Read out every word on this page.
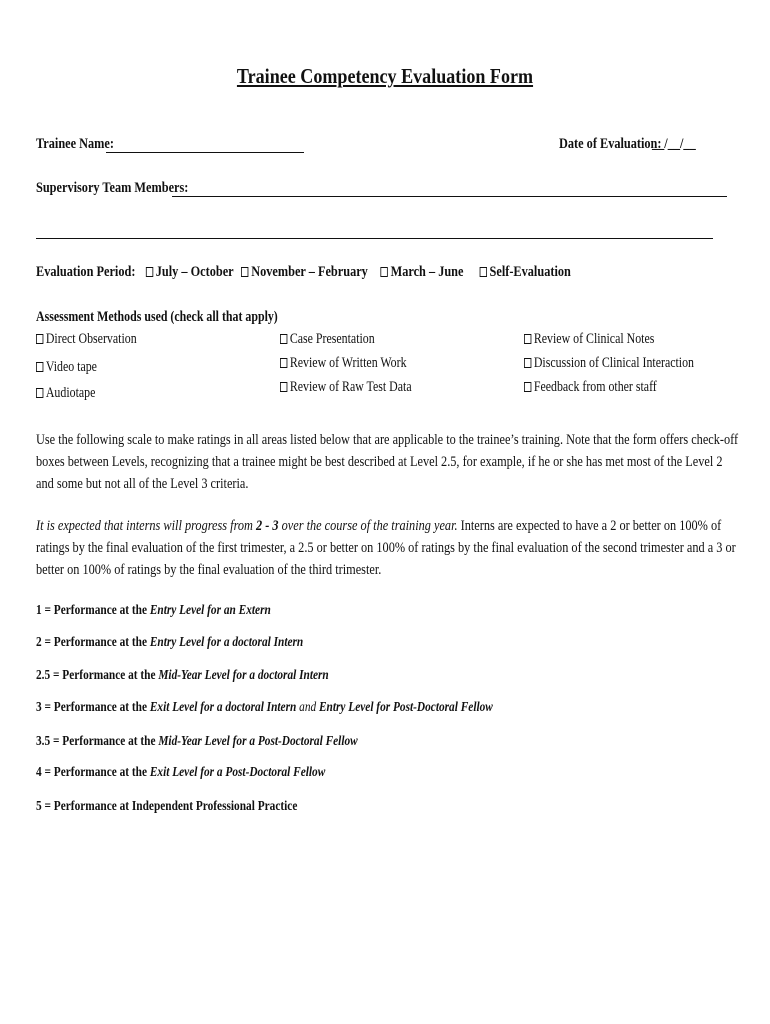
Trainee Competency Evaluation Form
Trainee Name:	Date of Evaluation:
__/__/__
Supervisory Team Members:
Evaluation Period: July – October November – February March – June Self-Evaluation
Assessment Methods used (check all that apply)
Direct Observation
Video tape
Audiotape
Case Presentation
Review of Written Work
Review of Raw Test Data
Review of Clinical Notes
Discussion of Clinical Interaction
Feedback from other staff

Use the following scale to make ratings in all areas listed below that are applicable to the trainee’s training. Note that the form offers check-off boxes between Levels, recognizing that a trainee might be best described at Level 2.5, for example, if he or she has met most of the Level 2 and some but not all of the Level 3 criteria.

It is expected that interns will progress from 2 - 3 over the course of the training year. Interns are expected to have a 2 or better on 100% of ratings by the final evaluation of the first trimester, a 2.5 or better on 100% of ratings by the final evaluation of the second trimester and a 3 or better on 100% of ratings by the final evaluation of the third trimester.

1 = Performance at the Entry Level for an Extern
2 = Performance at the Entry Level for a doctoral Intern
2.5 = Performance at the Mid-Year Level for a doctoral Intern
3 = Performance at the Exit Level for a doctoral Intern and Entry Level for Post-Doctoral Fellow
3.5 = Performance at the Mid-Year Level for a Post-Doctoral Fellow
4 = Performance at the Exit Level for a Post-Doctoral Fellow
5 = Performance at Independent Professional Practice
